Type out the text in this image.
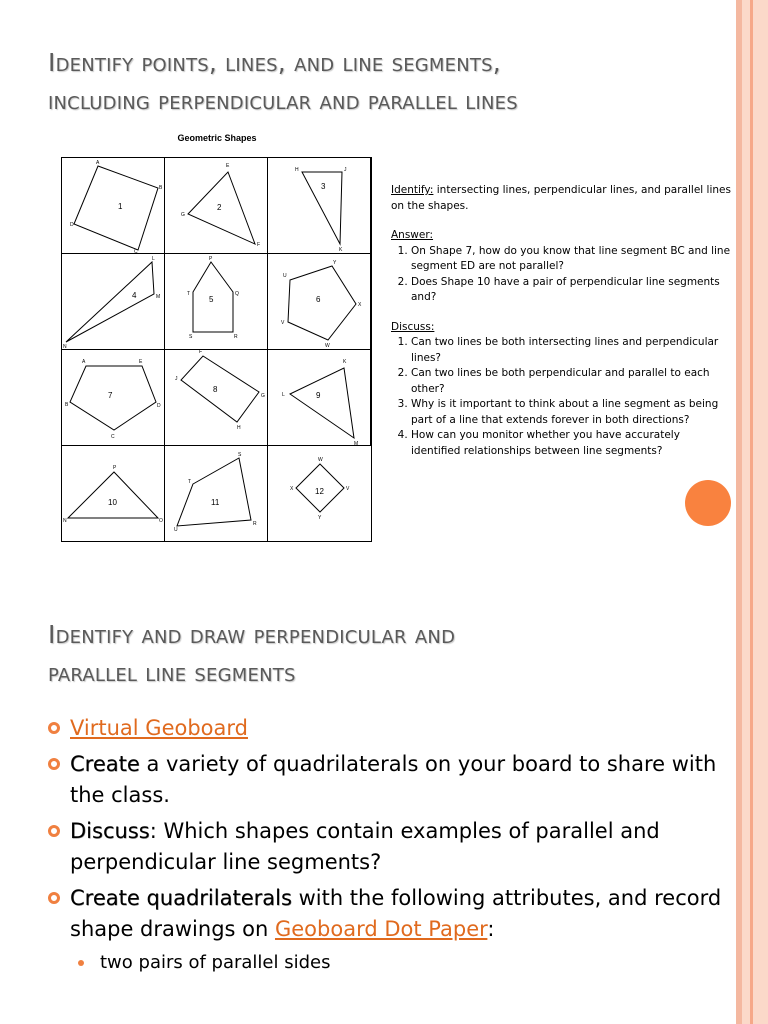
Identify points, lines, and line segments,
including perpendicular and parallel lines
Geometric Shapes
1
A
B
C
D
2
E
F
G
3
H	J
K
4
L
M
N
5
P
Q
R
S
T
6
U
V
W
X
Y
7
A
B
C
D
E
8
F
G
H
J
9
K
L
M
10
N	O
P
11
R
S
T
U
12	V
W
X
Y
Identify: intersecting lines, perpendicular lines, and parallel lines on the shapes.
Answer:
1. On Shape 7, how do you know that line segment BC and line segment ED are not parallel?
2. Does Shape 10 have a pair of perpendicular line segments and?
Discuss:
1. Can two lines be both intersecting lines and perpendicular lines?
2. Can two lines be both perpendicular and parallel to each other?
3. Why is it important to think about a line segment as being part of a line that extends forever in both directions?
4. How can you monitor whether you have accurately identified relationships between line segments?
Identify and draw perpendicular and
parallel line segments
Virtual Geoboard
Create a variety of quadrilaterals on your board to share with the class.
Discuss: Which shapes contain examples of parallel and perpendicular line segments?
Create quadrilaterals with the following attributes, and record shape drawings on Geoboard Dot Paper:
two pairs of parallel sides
